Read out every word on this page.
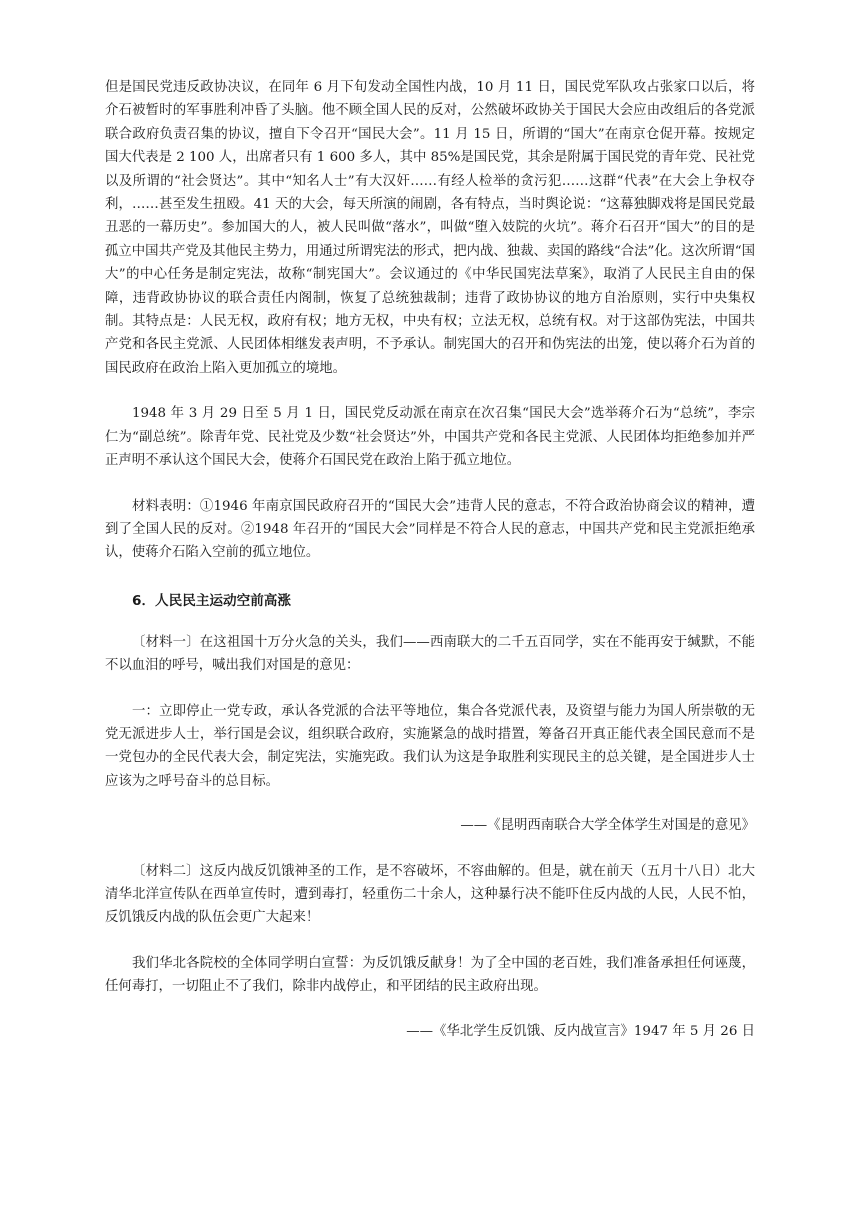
但是国民党违反政协决议，在同年 6 月下旬发动全国性内战，10 月 11 日，国民党军队攻占张家口以后，将介石被暂时的军事胜利冲昏了头脑。他不顾全国人民的反对，公然破坏政协关于国民大会应由改组后的各党派联合政府负责召集的协议，擅自下令召开“国民大会”。11 月 15 日，所谓的“国大”在南京仓促开幕。按规定国大代表是 2 100 人，出席者只有 1 600 多人，其中 85%是国民党，其余是附属于国民党的青年党、民社党以及所谓的“社会贤达”。其中“知名人士”有大汉奸……有经人检举的贪污犯……这群“代表”在大会上争权夺利，……甚至发生扭殴。41 天的大会，每天所演的闹剧，各有特点，当时舆论说：“这幕独脚戏将是国民党最丑恶的一幕历史”。参加国大的人，被人民叫做“落水”，叫做“堕入妓院的火坑”。蒋介石召开“国大”的目的是孤立中国共产党及其他民主势力，用通过所谓宪法的形式，把内战、独裁、卖国的路线“合法”化。这次所谓“国大”的中心任务是制定宪法，故称“制宪国大”。会议通过的《中华民国宪法草案》，取消了人民民主自由的保障，违背政协协议的联合责任内阁制，恢复了总统独裁制；违背了政协协议的地方自治原则，实行中央集权制。其特点是：人民无权，政府有权；地方无权，中央有权；立法无权，总统有权。对于这部伪宪法，中国共产党和各民主党派、人民团体相继发表声明，不予承认。制宪国大的召开和伪宪法的出笼，使以蒋介石为首的国民政府在政治上陷入更加孤立的境地。

1948 年 3 月 29 日至 5 月 1 日，国民党反动派在南京在次召集“国民大会”选举蒋介石为“总统”，李宗仁为“副总统”。除青年党、民社党及少数“社会贤达”外，中国共产党和各民主党派、人民团体均拒绝参加并严正声明不承认这个国民大会，使蒋介石国民党在政治上陷于孤立地位。

材料表明：①1946 年南京国民政府召开的“国民大会”违背人民的意志，不符合政治协商会议的精神，遭到了全国人民的反对。②1948 年召开的“国民大会”同样是不符合人民的意志，中国共产党和民主党派拒绝承认，使蒋介石陷入空前的孤立地位。

6．人民民主运动空前高涨

〔材料一〕在这祖国十万分火急的关头，我们——西南联大的二千五百同学，实在不能再安于缄默，不能不以血泪的呼号，喊出我们对国是的意见：

一：立即停止一党专政，承认各党派的合法平等地位，集合各党派代表，及资望与能力为国人所崇敬的无党无派进步人士，举行国是会议，组织联合政府，实施紧急的战时措置，筹备召开真正能代表全国民意而不是一党包办的全民代表大会，制定宪法，实施宪政。我们认为这是争取胜利实现民主的总关键，是全国进步人士应该为之呼号奋斗的总目标。

——《昆明西南联合大学全体学生对国是的意见》

〔材料二〕这反内战反饥饿神圣的工作，是不容破坏，不容曲解的。但是，就在前天（五月十八日）北大清华北洋宣传队在西单宣传时，遭到毒打，轻重伤二十余人，这种暴行决不能吓住反内战的人民，人民不怕，反饥饿反内战的队伍会更广大起来！

我们华北各院校的全体同学明白宣誓：为反饥饿反献身！为了全中国的老百姓，我们准备承担任何诬蔑，任何毒打，一切阻止不了我们，除非内战停止，和平团结的民主政府出现。

——《华北学生反饥饿、反内战宣言》1947 年 5 月 26 日
